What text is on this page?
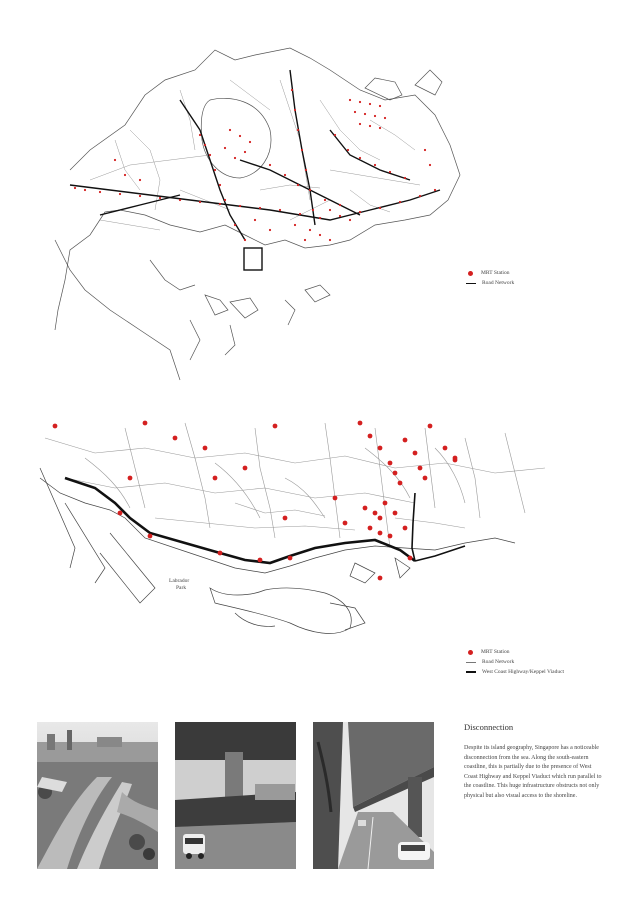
MRT Station
Road Network
Labrador
Park
MRT Station
Road Network
West Coast Highway/Keppel Viaduct
Disconnection

Despite its island geography, Singapore has a noticeable disconnection from the sea. Along the south-eastern coastline, this is partially due to the presence of West Coast Highway and Keppel Viaduct which run parallel to the coastline. This huge infrastructure obstructs not only physical but also visual access to the shoreline.
